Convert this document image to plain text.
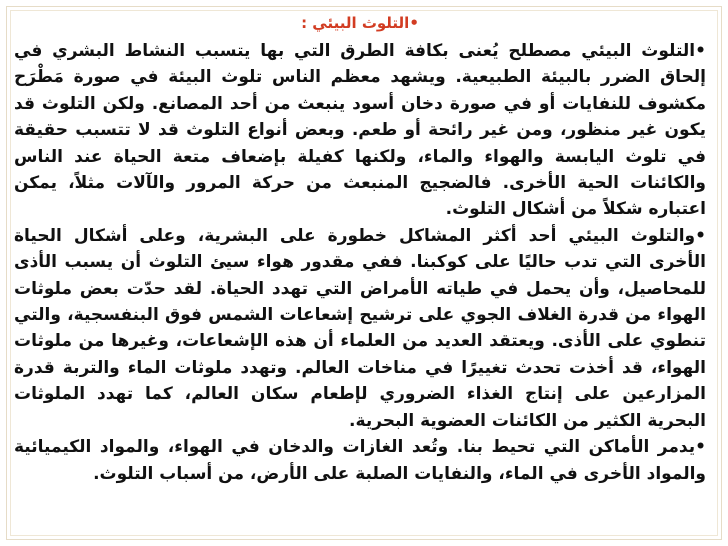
•التلوث البيئي :

•التلوث البيئي مصطلح يُعنى بكافة الطرق التي بها يتسبب النشاط البشري في إلحاق الضرر بالبيئة الطبيعية. ويشهد معظم الناس تلوث البيئة في صورة مَطْرَح مكشوف للنفايات أو في صورة دخان أسود ينبعث من أحد المصانع. ولكن التلوث قد يكون غير منظور، ومن غير رائحة أو طعم. وبعض أنواع التلوث قد لا تتسبب حقيقة في تلوث اليابسة والهواء والماء، ولكنها كفيلة بإضعاف متعة الحياة عند الناس والكائنات الحية الأخرى. فالضجيج المنبعث من حركة المرور والآلات مثلاً، يمكن اعتباره شكلاً من أشكال التلوث.

•والتلوث البيئي أحد أكثر المشاكل خطورة على البشرية، وعلى أشكال الحياة الأخرى التي تدب حاليًا على كوكبنا. ففي مقدور هواء سيئ التلوث أن يسبب الأذى للمحاصيل، وأن يحمل في طياته الأمراض التي تهدد الحياة. لقد حدّت بعض ملوثات الهواء من قدرة الغلاف الجوي على ترشيح إشعاعات الشمس فوق البنفسجية، والتي تنطوي على الأذى. ويعتقد العديد من العلماء أن هذه الإشعاعات، وغيرها من ملوثات الهواء، قد أخذت تحدث تغييرًا في مناخات العالم. وتهدد ملوثات الماء والتربة قدرة المزارعين على إنتاج الغذاء الضروري لإطعام سكان العالم، كما تهدد الملوثات البحرية الكثير من الكائنات العضوية البحرية.

•يدمر الأماكن التي تحيط بنا. وتُعد الغازات والدخان في الهواء، والمواد الكيميائية والمواد الأخرى في الماء، والنفايات الصلبة على الأرض، من أسباب التلوث.
